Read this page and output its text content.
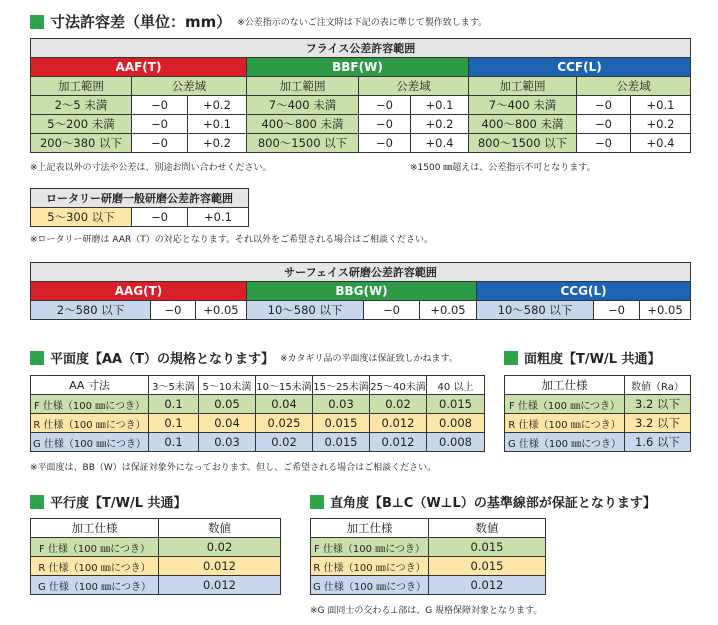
寸法許容差（単位：mm） ※公差指示のないご注文時は下記の表に準じて製作致します。
フライス公差許容範囲								
AAF(T)			BBF(W)			CCF(L)		
加工範囲	公差域		加工範囲	公差域		加工範囲	公差域	
2～5 未満	−0	+0.2	7～400 未満	−0	+0.1	7～400 未満	−0	+0.1
5～200 未満	−0	+0.1	400～800 未満	−0	+0.2	400～800 未満	−0	+0.2
200～380 以下	−0	+0.2	800～1500 以下	−0	+0.4	800～1500 以下	−0	+0.4
※上記表以外の寸法や公差は、別途お問い合わせください。	※1500 ㎜超えは、公差指示不可となります。
ロータリー研磨一般研磨公差許容範囲
5～300 以下	−0	+0.1
※ロータリー研磨は AAR（T）の対応となります。それ以外をご希望される場合はご相談ください。
サーフェイス研磨公差許容範囲								
AAG(T)			BBG(W)			CCG(L)		
2～580 以下	−0	+0.05	10～580 以下	−0	+0.05	10～580 以下	−0	+0.05
平面度【AA（T）の規格となります】 ※カタギリ品の平面度は保証致しかねます。
AA 寸法	3～5未満	5～10未満	10～15未満	15～25未満	25～40未満	40 以上
F 仕様（100 ㎜につき）	0.1	0.05	0.04	0.03	0.02	0.015
R 仕様（100 ㎜につき）	0.1	0.04	0.025	0.015	0.012	0.008
G 仕様（100 ㎜につき）	0.1	0.03	0.02	0.015	0.012	0.008
※平面度は、BB（W）は保証対象外になっております。但し、ご希望される場合はご相談ください。
面粗度【T/W/L 共通】
加工仕様	数値（Ra）
F 仕様（100 ㎜につき）	3.2 以下
R 仕様（100 ㎜につき）	3.2 以下
G 仕様（100 ㎜につき）	1.6 以下
平行度【T/W/L 共通】
加工仕様	数値
F 仕様（100 ㎜につき）	0.02
R 仕様（100 ㎜につき）	0.012
G 仕様（100 ㎜につき）	0.012
直角度【B⊥C（W⊥L）の基準線部が保証となります】
加工仕様	数値
F 仕様（100 ㎜につき）	0.015
R 仕様（100 ㎜につき）	0.015
G 仕様（100 ㎜につき）	0.012
※G 面同士の交わる⊥部は、G 規格保障対象となります。
